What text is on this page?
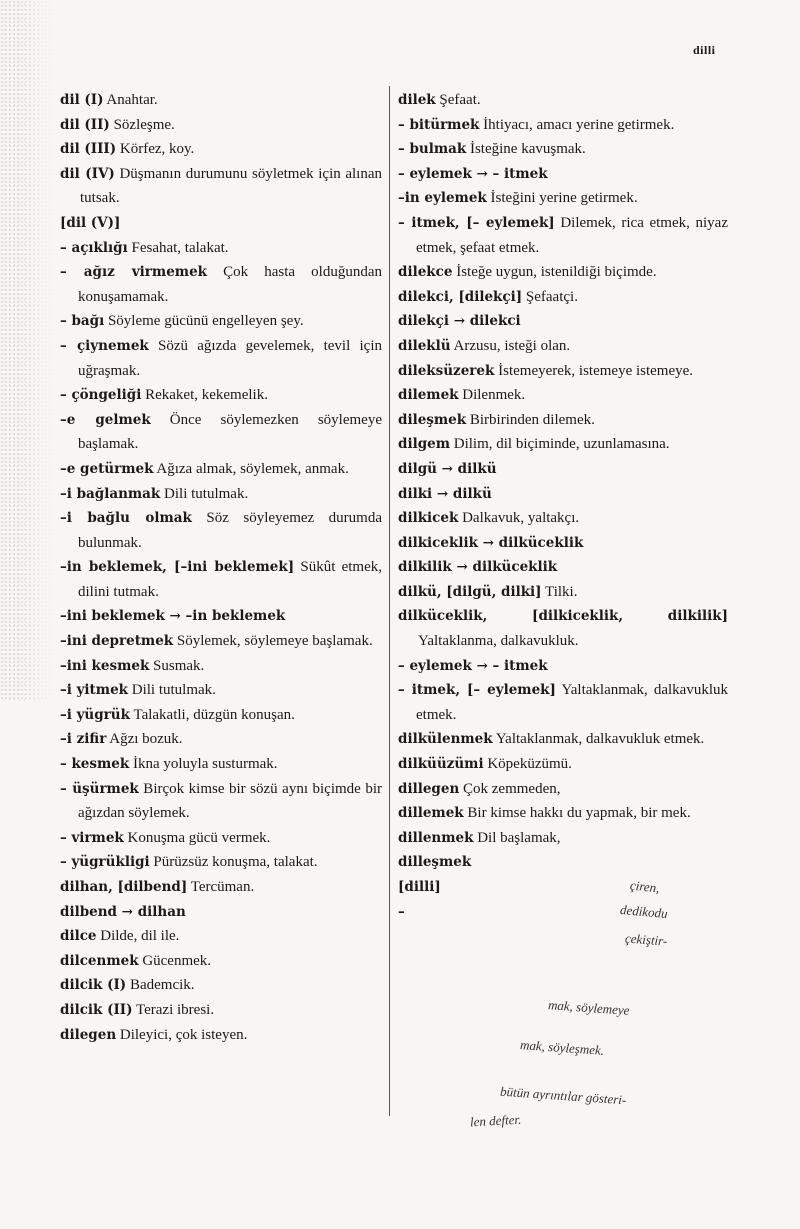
dilli

dil (I) Anahtar.

dil (II) Sözleşme.

dil (III) Körfez, koy.

dil (IV) Düşmanın durumunu söyletmek için alınan tutsak.

[dil (V)]

– açıklığı Fesahat, talakat.

– ağız virmemek Çok hasta olduğundan konuşamamak.

– bağı Söyleme gücünü engelleyen şey.

– çiynemek Sözü ağızda gevelemek, tevil için uğraşmak.

– çöngeliği Rekaket, kekemelik.

–e gelmek Önce söylemezken söylemeye başlamak.

–e getürmek Ağıza almak, söylemek, anmak.

–i bağlanmak Dili tutulmak.

–i bağlu olmak Söz söyleyemez durumda bulunmak.

–in beklemek, [–ini beklemek] Sükût etmek, dilini tutmak.

–ini beklemek → –in beklemek

–ini depretmek Söylemek, söylemeye başlamak.

–ini kesmek Susmak.

–i yitmek Dili tutulmak.

–i yügrük Talakatli, düzgün konuşan.

–i zifir Ağzı bozuk.

– kesmek İkna yoluyla susturmak.

– üşürmek Birçok kimse bir sözü aynı biçimde bir ağızdan söylemek.

– virmek Konuşma gücü vermek.

– yügrükligi Pürüzsüz konuşma, talakat.

dilhan, [dilbend] Tercüman.

dilbend → dilhan

dilce Dilde, dil ile.

dilcenmek Gücenmek.

dilcik (I) Bademcik.

dilcik (II) Terazi ibresi.

dilegen Dileyici, çok isteyen.

dilek Şefaat.

– bitürmek İhtiyacı, amacı yerine getirmek.

– bulmak İsteğine kavuşmak.

– eylemek → – itmek

–in eylemek İsteğini yerine getirmek.

– itmek, [– eylemek] Dilemek, rica etmek, niyaz etmek, şefaat etmek.

dilekce İsteğe uygun, istenildiği biçimde.

dilekci, [dilekçi] Şefaatçi.

dilekçi → dilekci

dileklü Arzusu, isteği olan.

dileksüzerek İstemeyerek, istemeye istemeye.

dilemek Dilenmek.

dileşmek Birbirinden dilemek.

dilgem Dilim, dil biçiminde, uzunlamasına.

dilgü → dilkü

dilki → dilkü

dilkicek Dalkavuk, yaltakçı.

dilkiceklik → dilküceklik

dilkilik → dilküceklik

dilkü, [dilgü, dilki] Tilki.

dilküceklik, [dilkiceklik, dilkilik] Yaltaklanma, dalkavukluk.

– eylemek → – itmek

– itmek, [– eylemek] Yaltaklanmak, dalkavukluk etmek.

dilkülenmek Yaltaklanmak, dalkavukluk etmek.

dilküüzümi Köpeküzümü.

dillegen Çok zemmeden,

dillemek Bir kimse hakkı du yapmak, bir mek.

dillenmek Dil başlamak,

dilleşmek

[dilli]

–

çiren,
dedikodu
çekiştir-
mak, söylemeye
mak, söyleşmek.
bütün ayrıntılar gösteri-
len defter.
